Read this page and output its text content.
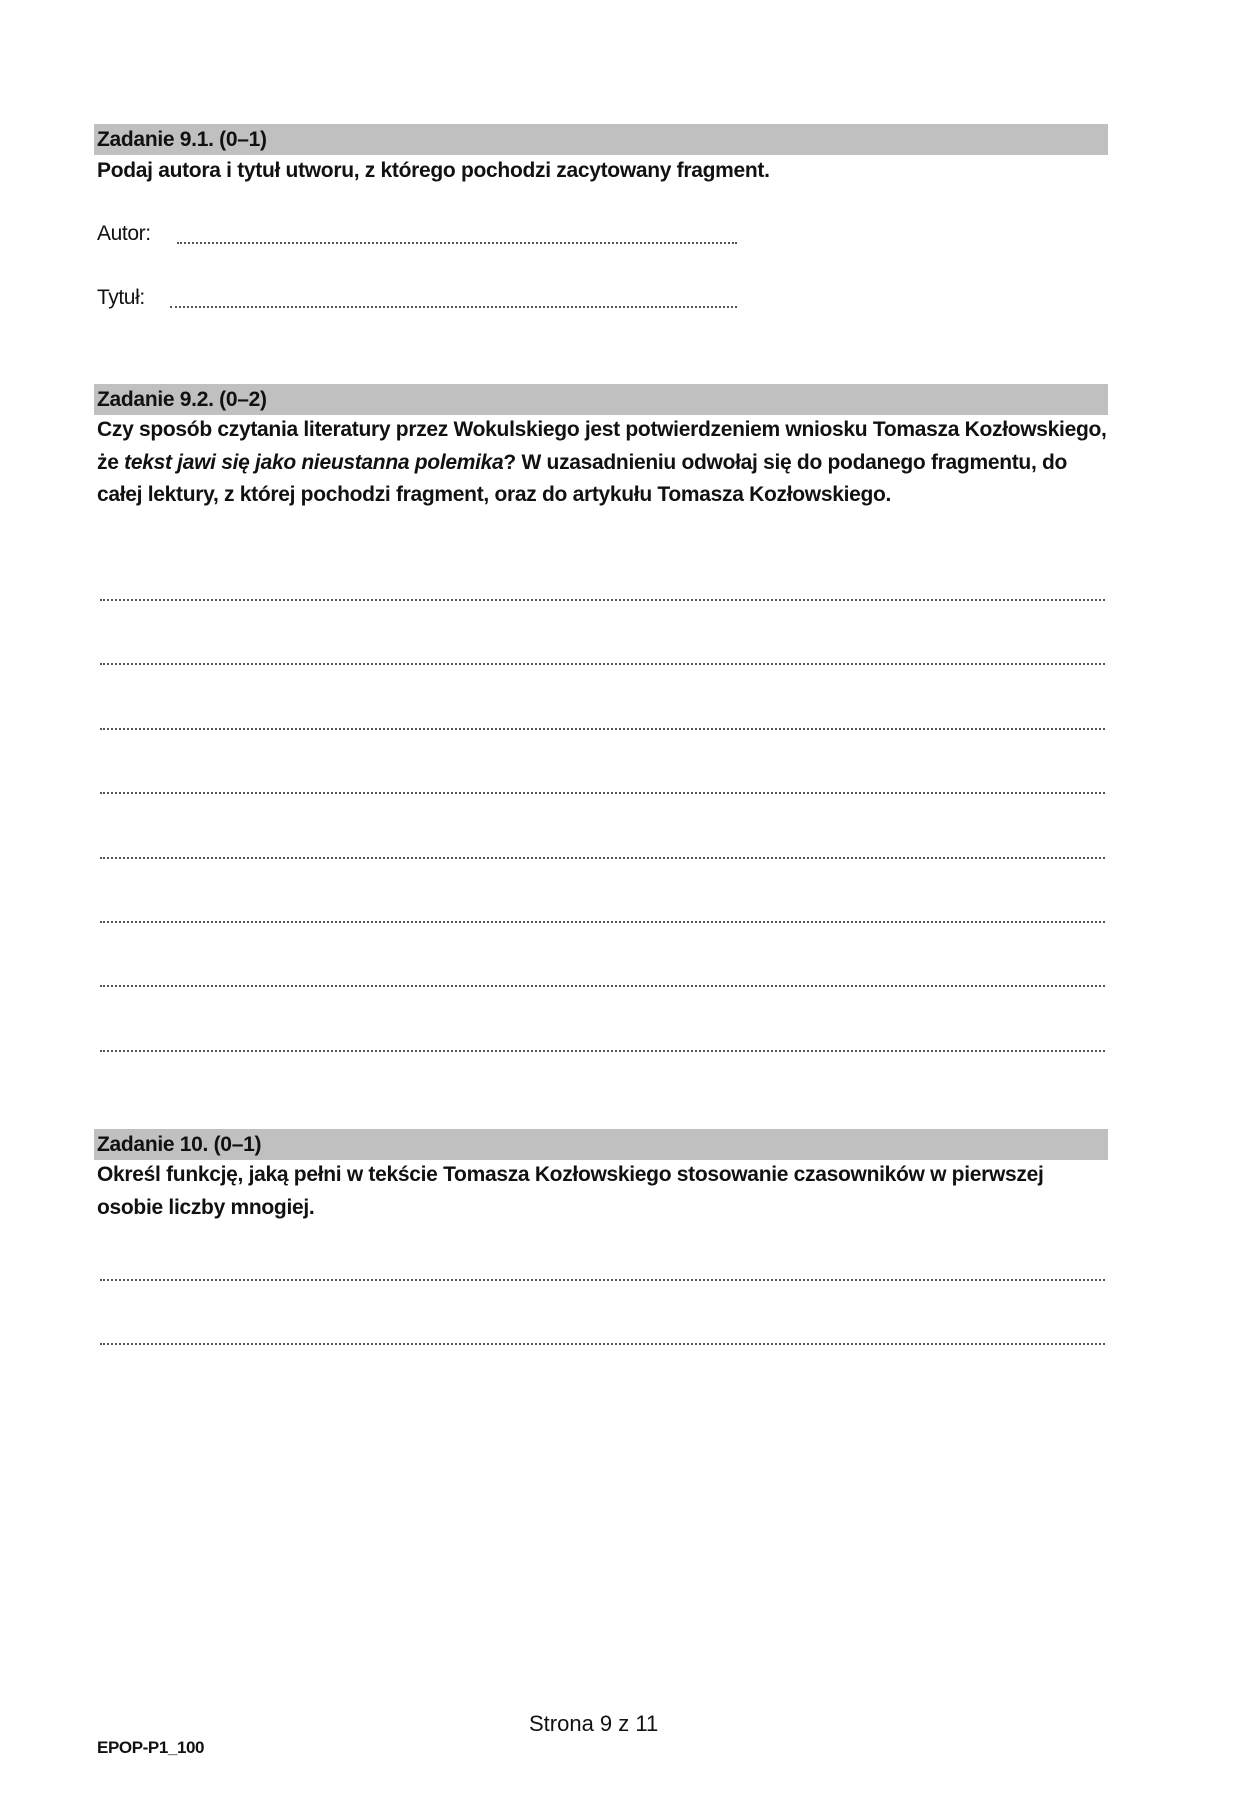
Zadanie 9.1. (0–1)
Podaj autora i tytuł utworu, z którego pochodzi zacytowany fragment.
Autor:
Tytuł:
Zadanie 9.2. (0–2)
Czy sposób czytania literatury przez Wokulskiego jest potwierdzeniem wniosku Tomasza Kozłowskiego, że tekst jawi się jako nieustanna polemika? W uzasadnieniu odwołaj się do podanego fragmentu, do całej lektury, z której pochodzi fragment, oraz do artykułu Tomasza Kozłowskiego.
Zadanie 10. (0–1)
Określ funkcję, jaką pełni w tekście Tomasza Kozłowskiego stosowanie czasowników w pierwszej osobie liczby mnogiej.
Strona 9 z 11
EPOP-P1_100
